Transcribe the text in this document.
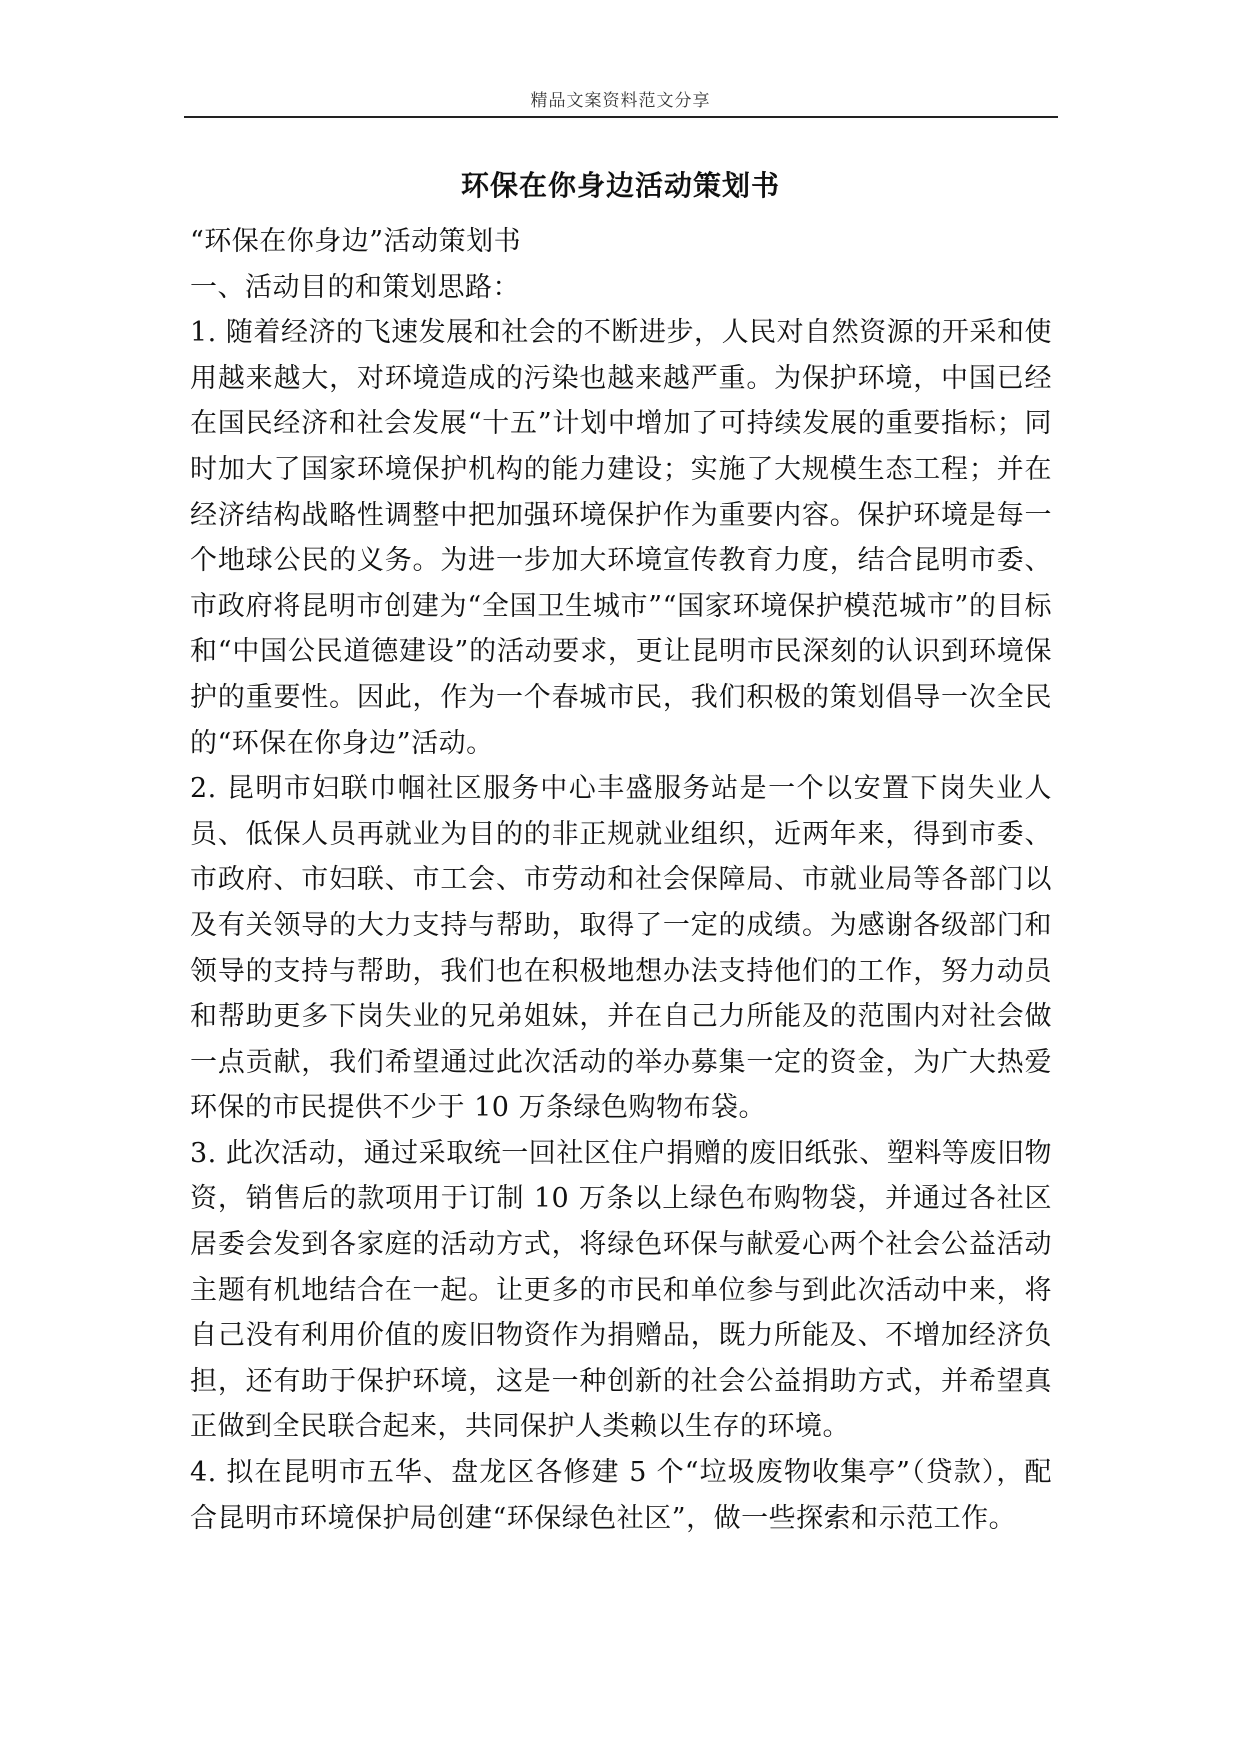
精品文案资料范文分享
环保在你身边活动策划书

“环保在你身边”活动策划书

一、活动目的和策划思路：

1. 随着经济的飞速发展和社会的不断进步，人民对自然资源的开采和使用越来越大，对环境造成的污染也越来越严重。为保护环境，中国已经在国民经济和社会发展“十五”计划中增加了可持续发展的重要指标；同时加大了国家环境保护机构的能力建设；实施了大规模生态工程；并在经济结构战略性调整中把加强环境保护作为重要内容。保护环境是每一个地球公民的义务。为进一步加大环境宣传教育力度，结合昆明市委、市政府将昆明市创建为“全国卫生城市”“国家环境保护模范城市”的目标和“中国公民道德建设”的活动要求，更让昆明市民深刻的认识到环境保护的重要性。因此，作为一个春城市民，我们积极的策划倡导一次全民的“环保在你身边”活动。

2. 昆明市妇联巾帼社区服务中心丰盛服务站是一个以安置下岗失业人员、低保人员再就业为目的的非正规就业组织，近两年来，得到市委、市政府、市妇联、市工会、市劳动和社会保障局、市就业局等各部门以及有关领导的大力支持与帮助，取得了一定的成绩。为感谢各级部门和领导的支持与帮助，我们也在积极地想办法支持他们的工作，努力动员和帮助更多下岗失业的兄弟姐妹，并在自己力所能及的范围内对社会做一点贡献，我们希望通过此次活动的举办募集一定的资金，为广大热爱环保的市民提供不少于 10 万条绿色购物布袋。

3. 此次活动，通过采取统一回社区住户捐赠的废旧纸张、塑料等废旧物资，销售后的款项用于订制 10 万条以上绿色布购物袋，并通过各社区居委会发到各家庭的活动方式，将绿色环保与献爱心两个社会公益活动主题有机地结合在一起。让更多的市民和单位参与到此次活动中来，将自己没有利用价值的废旧物资作为捐赠品，既力所能及、不增加经济负担，还有助于保护环境，这是一种创新的社会公益捐助方式，并希望真正做到全民联合起来，共同保护人类赖以生存的环境。

4. 拟在昆明市五华、盘龙区各修建 5 个“垃圾废物收集亭”（贷款），配合昆明市环境保护局创建“环保绿色社区”，做一些探索和示范工作。
